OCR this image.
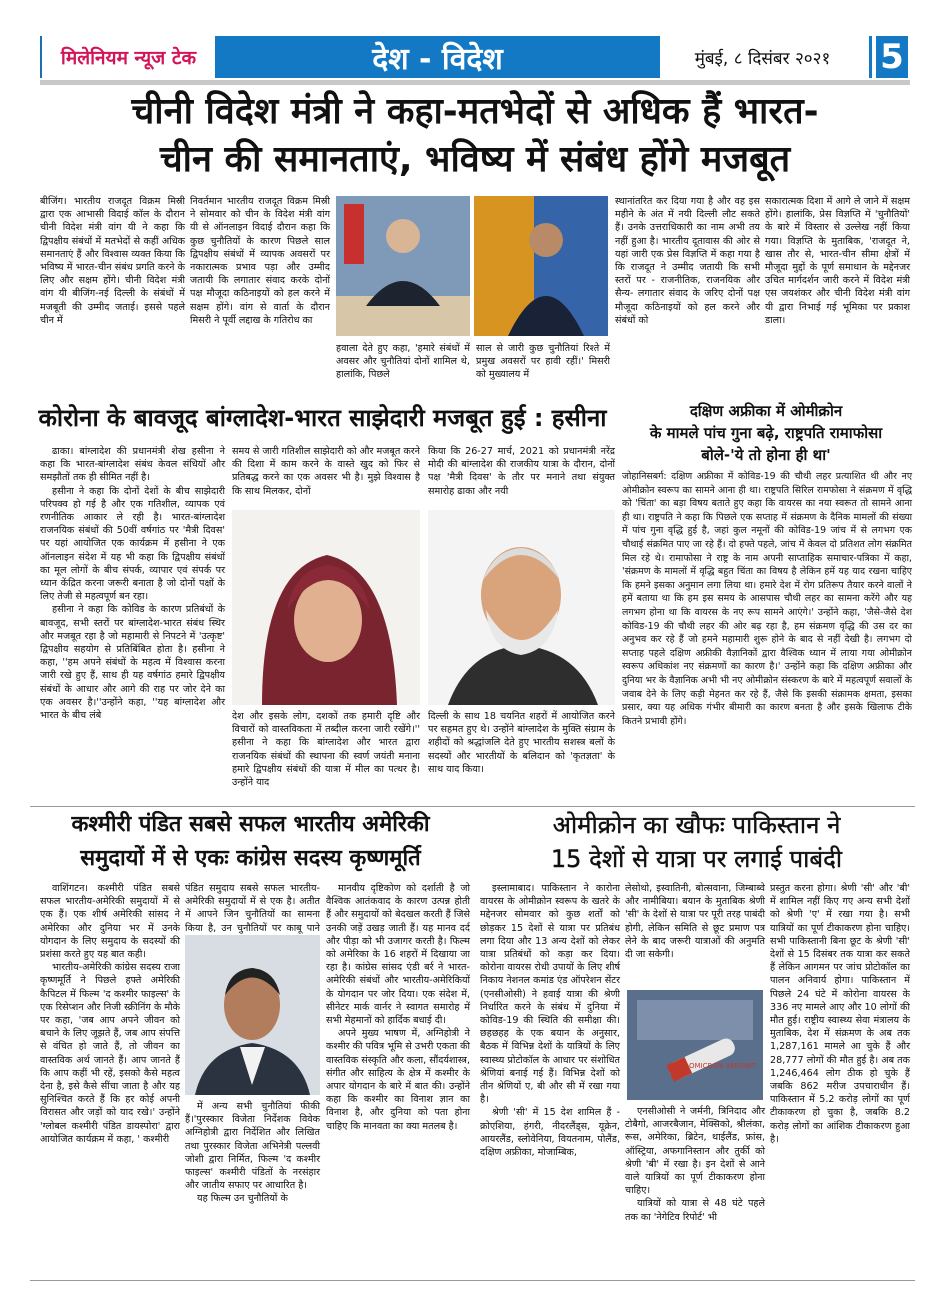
मिलेनियम न्यूज टेक	देश - विदेश	मुंबई, ८ दिसंबर २०२१	5
चीनी विदेश मंत्री ने कहा-मतभेदों से अधिक हैं भारत-
चीन की समानताएं, भविष्य में संबंध होंगे मजबूत
बीजिंग। भारतीय राजदूत विक्रम मिस्री द्वारा एक आभासी विदाई कॉल के दौरान चीनी विदेश मंत्री वांग यी ने कहा कि द्विपक्षीय संबंधों में मतभेदों से कहीं अधिक समानताएं हैं और विश्वास व्यक्त किया कि भविष्य में भारत-चीन संबंध प्रगति करने के लिए और सक्षम होंगे। चीनी विदेश मंत्री वांग यी बीजिंग-नई दिल्ली के संबंधों में मजबूती की उम्मीद जताई। इससे पहले चीन में
निवर्तमान भारतीय राजदूत विक्रम मिस्री ने सोमवार को चीन के विदेश मंत्री वांग यी से ऑनलाइन विदाई दौरान कहा कि कुछ चुनौतियों के कारण पिछले साल द्विपक्षीय संबंधों में व्यापक अवसरों पर नकारात्मक प्रभाव पड़ा और उम्मीद जतायी कि लगातार संवाद करके दोनों पक्ष मौजूदा कठिनाइयों को हल करने में सक्षम होंगे। वांग से वार्ता के दौरान मिसरी ने पूर्वी लद्दाख के गतिरोध का
हवाला देते हुए कहा, 'हमारे संबंधों में अवसर और चुनौतियां दोनों शामिल थे, हालांकि, पिछले
साल से जारी कुछ चुनौतियां रिश्ते में प्रमुख अवसरों पर हावी रहीं।' मिसरी को मुख्यालय में
स्थानांतरित कर दिया गया है और वह इस महीने के अंत में नयी दिल्ली लौट सकते हैं। उनके उत्तराधिकारी का नाम अभी तय नहीं हुआ है। भारतीय दूतावास की ओर से यहां जारी एक प्रेस विज्ञप्ति में कहा गया है कि राजदूत ने उम्मीद जतायी कि सभी स्तरों पर - राजनीतिक, राजनयिक और सैन्य- लगातार संवाद के जरिए दोनों पक्ष मौजूदा कठिनाइयों को हल करने और संबंधों को
सकारात्मक दिशा में आगे ले जाने में सक्षम होंगे। हालांकि, प्रेस विज्ञप्ति में 'चुनौतियों' के बारे में विस्तार से उल्लेख नहीं किया गया। विज्ञप्ति के मुताबिक, 'राजदूत ने, खास तौर से, भारत-चीन सीमा क्षेत्रों में मौजूदा मुद्दों के पूर्ण समाधान के मद्देनजर उचित मार्गदर्शन जारी करने में विदेश मंत्री एस जयशंकर और चीनी विदेश मंत्री वांग यी द्वारा निभाई गई भूमिका पर प्रकाश डाला।
कोरोना के बावजूद बांग्लादेश-भारत साझेदारी मजबूत हुई : हसीना

ढाका। बांग्लादेश की प्रधानमंत्री शेख हसीना ने कहा कि भारत-बांग्लादेश संबंध केवल संधियों और समझौतों तक ही सीमित नहीं है।

हसीना ने कहा कि दोनों देशों के बीच साझेदारी परिपक्व हो गई है और एक गतिशील, व्यापक एवं रणनीतिक आकार ले रही है। भारत-बांग्लादेश राजनयिक संबंधों की 50वीं वर्षगांठ पर 'मैत्री दिवस' पर यहां आयोजित एक कार्यक्रम में हसीना ने एक ऑनलाइन संदेश में यह भी कहा कि द्विपक्षीय संबंधों का मूल लोगों के बीच संपर्क, व्यापार एवं संपर्क पर ध्यान केंद्रित करना जरूरी बनाता है जो दोनों पक्षों के लिए तेजी से महत्वपूर्ण बन रहा।

हसीना ने कहा कि कोविड के कारण प्रतिबंधों के बावजूद, सभी स्तरों पर बांग्लादेश-भारत संबंध स्थिर और मजबूत रहा है जो महामारी से निपटने में 'उत्कृष्ट' द्विपक्षीय सहयोग से प्रतिबिंबित होता है। हसीना ने कहा, ''हम अपने संबंधों के महत्व में विश्वास करना जारी रखे हुए हैं, साथ ही यह वर्षगांठ हमारे द्विपक्षीय संबंधों के आधार और आगे की राह पर जोर देने का एक अवसर है।''उन्होंने कहा, ''यह बांग्लादेश और भारत के बीच लंबे

समय से जारी गतिशील साझेदारी को और मजबूत करने की दिशा में काम करने के वास्ते खुद को फिर से प्रतिबद्ध करने का एक अवसर भी है। मुझे विश्वास है कि साथ मिलकर, दोनों
देश और इसके लोग, दशकों तक हमारी दृष्टि और विचारों को वास्तविकता में तब्दील करना जारी रखेंगे।'' हसीना ने कहा कि बांग्लादेश और भारत द्वारा राजनयिक संबंधों की स्थापना की स्वर्ण जयंती मनाना हमारे द्विपक्षीय संबंधों की यात्रा में मील का पत्थर है। उन्होंने याद
किया कि 26-27 मार्च, 2021 को प्रधानमंत्री नरेंद्र मोदी की बांग्लादेश की राजकीय यात्रा के दौरान, दोनों पक्ष 'मैत्री दिवस' के तौर पर मनाने तथा संयुक्त समारोह ढाका और नयी
दिल्ली के साथ 18 चयनित शहरों में आयोजित करने पर सहमत हुए थे। उन्होंने बांग्लादेश के मुक्ति संग्राम के शहीदों को श्रद्धांजलि देते हुए भारतीय सशस्त्र बलों के सदस्यों और भारतीयों के बलिदान को 'कृतज्ञता' के साथ याद किया।
दक्षिण अफ्रीका में ओमीक्रोन
के मामले पांच गुना बढ़े, राष्ट्रपति रामाफोसा
बोले-'ये तो होना ही था'
जोहानिसबर्ग: दक्षिण अफ्रीका में कोविड-19 की चौथी लहर प्रत्याशित थी और नए ओमीक्रोन स्वरूप का सामने आना ही था। राष्ट्रपति सिरिल रामफोसा ने संक्रमण में वृद्धि को 'चिंता' का बड़ा विषय बताते हुए कहा कि वायरस का नया स्वरूत तो सामने आना ही था। राष्ट्रपति ने कहा कि पिछले एक सप्ताह में संक्रमण के दैनिक मामलों की संख्या में पांच गुना वृद्धि हुई है, जहां कुल नमूनों की कोविड-19 जांच में से लगभग एक चौथाई संक्रमित पाए जा रहे हैं। दो हफ्ते पहले, जांच में केवल दो प्रतिशत लोग संक्रमित मिल रहे थे। रामाफोसा ने राष्ट्र के नाम अपनी साप्ताहिक समाचार-पत्रिका में कहा, 'संक्रमण के मामलों में वृद्धि बहुत चिंता का विषय है लेकिन हमें यह याद रखना चाहिए कि हमने इसका अनुमान लगा लिया था। हमारे देश में रोग प्रतिरूप तैयार करने वालों ने हमें बताया था कि हम इस समय के आसपास चौथी लहर का सामना करेंगे और यह लगभग होना था कि वायरस के नए रूप सामने आएंगे।' उन्होंने कहा, 'जैसे-जैसे देश कोविड-19 की चौथी लहर की ओर बढ़ रहा है, हम संक्रमण वृद्धि की उस दर का अनुभव कर रहे हैं जो हमने महामारी शुरू होने के बाद से नहीं देखी है। लगभग दो सप्ताह पहले दक्षिण अफ्रीकी वैज्ञानिकों द्वारा वैश्विक ध्यान में लाया गया ओमीक्रोन स्वरूप अधिकांश नए संक्रमणों का कारण है।' उन्होंने कहा कि दक्षिण अफ्रीका और दुनिया भर के वैज्ञानिक अभी भी नए ओमीक्रोन संस्करण के बारे में महत्वपूर्ण सवालों के जवाब देने के लिए कड़ी मेहनत कर रहे हैं, जैसे कि इसकी संक्रामक क्षमता, इसका प्रसार, क्या यह अधिक गंभीर बीमारी का कारण बनता है और इसके खिलाफ टीके कितने प्रभावी होंगे।
कश्मीरी पंडित सबसे सफल भारतीय अमेरिकी
समुदायों में से एकः कांग्रेस सदस्य कृष्णमूर्ति

वाशिंगटन। कश्मीरी पंडित सबसे सफल भारतीय-अमेरिकी समुदायों में से एक हैं। एक शीर्ष अमेरिकी सांसद ने अमेरिका और दुनिया भर में उनके योगदान के लिए समुदाय के सदस्यों की प्रशंसा करते हुए यह बात कही।

भारतीय-अमेरिकी कांग्रेस सदस्य राजा कृष्णमूर्ति ने पिछले हफ्ते अमेरिकी कैपिटल में फिल्म 'द कश्मीर फाइल्स' के एक रिसेप्शन और निजी स्क्रीनिंग के मौके पर कहा, 'जब आप अपने जीवन को बचाने के लिए जूझते हैं, जब आप संपत्ति से वंचित हो जाते हैं, तो जीवन का वास्तविक अर्थ जानते हैं। आप जानते हैं कि आप कहीं भी रहें, इसको कैसे महत्व देना है, इसे कैसे सींचा जाता है और यह सुनिश्चित करते हैं कि हर कोई अपनी विरासत और जड़ों को याद रखे।' उन्होंने 'ग्लोबल कश्मीरी पंडित डायस्पोरा' द्वारा आयोजित कार्यक्रम में कहा, ' कश्मीरी

पंडित समुदाय सबसे सफल भारतीय-अमेरिकी समुदायों में से एक है। अतीत में आपने जिन चुनौतियों का सामना किया है, उन चुनौतियों पर काबू पाने

में अन्य सभी चुनौतियां फीकी हैं।'पुरस्कार विजेता निर्देशक विवेक अग्निहोत्री द्वारा निर्देशित और लिखित तथा पुरस्कार विजेता अभिनेत्री पल्लवी जोशी द्वारा निर्मित, फिल्म 'द कश्मीर फाइल्स' कश्मीरी पंडितों के नरसंहार और जातीय सफाए पर आधारित है।

यह फिल्म उन चुनौतियों के

मानवीय दृष्टिकोण को दर्शाती है जो वैश्विक आतंकवाद के कारण उत्पन्न होती हैं और समुदायों को बेदखल करती हैं जिसे उनकी जड़ें उखड़ जाती हैं। यह मानव दर्द और पीड़ा को भी उजागर करती है। फिल्म को अमेरिका के 16 शहरों में दिखाया जा रहा है। कांग्रेस सांसद एंडी बर्र ने भारत-अमेरिकी संबंधों और भारतीय-अमेरिकियों के योगदान पर जोर दिया। एक संदेश में, सीनेटर मार्क वार्नर ने स्वागत समारोह में सभी मेहमानों को हार्दिक बधाई दी।

अपने मुख्य भाषण में, अग्निहोत्री ने कश्मीर की पवित्र भूमि से उभरी एकता की वास्तविक संस्कृति और कला, सौंदर्यशास्त्र, संगीत और साहित्य के क्षेत्र में कश्मीर के अपार योगदान के बारे में बात की। उन्होंने कहा कि कश्मीर का विनाश ज्ञान का विनाश है, और दुनिया को पता होना चाहिए कि मानवता का क्या मतलब है।

ओमीक्रोन का खौफः पाकिस्तान ने
15 देशों से यात्रा पर लगाई पाबंदी

इस्लामाबाद। पाकिस्तान ने कारोना वायरस के ओमीक्रोन स्वरूप के खतरे के मद्देनजर सोमवार को कुछ शर्तों को छोड़कर 15 देशों से यात्रा पर प्रतिबंध लगा दिया और 13 अन्य देशों को लेकर यात्रा प्रतिबंधों को कड़ा कर दिया। कोरोना वायरस रोधी उपायों के लिए शीर्ष निकाय नेशनल कमांड एंड ऑपरेशन सेंटर (एनसीओसी) ने हवाई यात्रा की श्रेणी निर्धारित करने के संबंध में दुनिया में कोविड-19 की स्थिति की समीक्षा की। छहछहह के एक बयान के अनुसार, बैठक में विभिन्न देशों के यात्रियों के लिए स्वास्थ्य प्रोटोकॉल के आधार पर संशोधित श्रेणियां बनाई गई हैं। विभिन्न देशों को तीन श्रेणियों ए, बी और सी में रखा गया है।

श्रेणी 'सी' में 15 देश शामिल हैं - क्रोएशिया, हंगरी, नीदरलैंड्स, यूक्रेन, आयरलैंड, स्लोवेनिया, वियतनाम, पोलैंड, दक्षिण अफ्रीका, मोजाम्बिक,

लेसोथो, इस्वातिनी, बोत्सवाना, जिम्बाब्वे और नामीबिया। बयान के मुताबिक श्रेणी 'सी' के देशों से यात्रा पर पूरी तरह पाबंदी होगी, लेकिन समिति से छूट प्रमाण पत्र लेने के बाद जरूरी यात्राओं की अनुमति दी जा सकेगी।
OMICRON VARIANT

एनसीओसी ने जर्मनी, त्रिनिदाद और टोबैगो, आजरबैजान, मेक्सिको, श्रीलंका, रूस, अमेरिका, ब्रिटेन, थाईलैंड, फ्रांस, ऑस्ट्रिया, अफगानिस्तान और तुर्की को श्रेणी 'बी' में रखा है। इन देशों से आने वाले यात्रियों का पूर्ण टीकाकरण होना चाहिए।

यात्रियों को यात्रा से 48 घंटे पहले तक का 'नेगेटिव रिपोर्ट' भी

प्रस्तुत करना होगा। श्रेणी 'सी' और 'बी' में शामिल नहीं किए गए अन्य सभी देशों को श्रेणी 'ए' में रखा गया है। सभी यात्रियों का पूर्ण टीकाकरण होना चाहिए। सभी पाकिस्तानी बिना छूट के श्रेणी 'सी' देशों से 15 दिसंबर तक यात्रा कर सकते हैं लेकिन आगमन पर जांच प्रोटोकॉल का पालन अनिवार्य होगा। पाकिस्तान में पिछले 24 घंटे में कोरोना वायरस के 336 नए मामले आए और 10 लोगों की मौत हुई। राष्ट्रीय स्वास्थ्य सेवा मंत्रालय के मुताबिक, देश में संक्रमण के अब तक 1,287,161 मामले आ चुके हैं और 28,777 लोगों की मौत हुई है। अब तक 1,246,464 लोग ठीक हो चुके हैं जबकि 862 मरीज उपचाराधीन हैं। पाकिस्तान में 5.2 करोड़ लोगों का पूर्ण टीकाकरण हो चुका है, जबकि 8.2 करोड़ लोगों का आंशिक टीकाकरण हुआ है।
